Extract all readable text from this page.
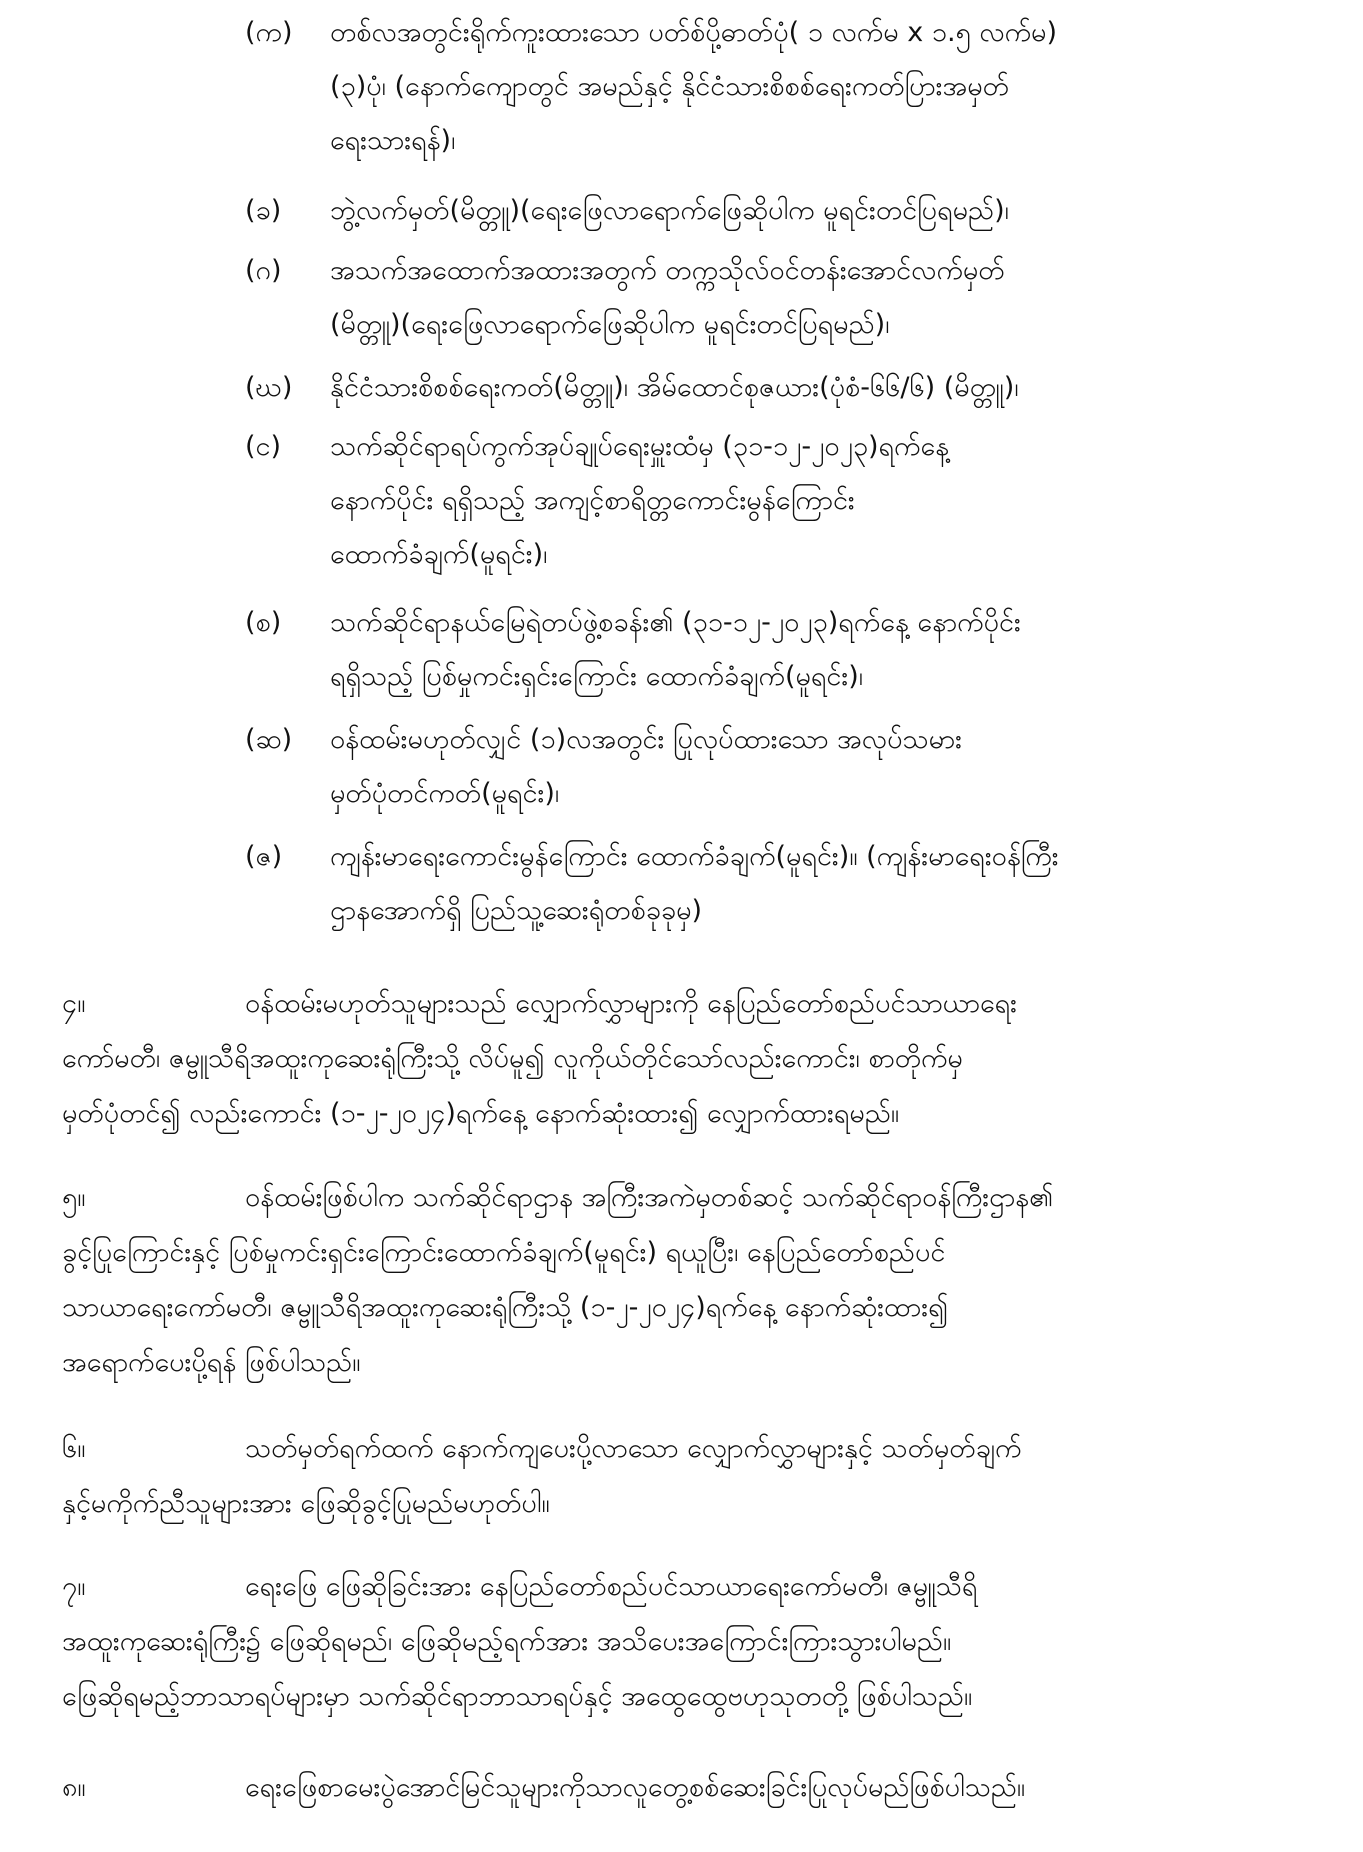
(က)	တစ်လအတွင်းရိုက်ကူးထားသော ပတ်စ်ပို့ဓာတ်ပုံ( ၁ လက်မ x ၁.၅ လက်မ)
(၃)ပုံ၊ (နောက်ကျောတွင် အမည်နှင့် နိုင်ငံသားစိစစ်ရေးကတ်ပြားအမှတ်
ရေးသားရန်)၊
(ခ)	ဘွဲ့လက်မှတ်(မိတ္တူ)(ရေးဖြေလာရောက်ဖြေဆိုပါက မူရင်းတင်ပြရမည်)၊
(ဂ)	အသက်အထောက်အထားအတွက် တက္ကသိုလ်ဝင်တန်းအောင်လက်မှတ်
(မိတ္တူ)(ရေးဖြေလာရောက်ဖြေဆိုပါက မူရင်းတင်ပြရမည်)၊
(ဃ)	နိုင်ငံသားစိစစ်ရေးကတ်(မိတ္တူ)၊ အိမ်ထောင်စုဇယား(ပုံစံ-၆၆/၆) (မိတ္တူ)၊
(င)	သက်ဆိုင်ရာရပ်ကွက်အုပ်ချုပ်ရေးမှူးထံမှ (၃၁-၁၂-၂၀၂၃)ရက်နေ့
နောက်ပိုင်း ရရှိသည့် အကျင့်စာရိတ္တကောင်းမွန်ကြောင်း
ထောက်ခံချက်(မူရင်း)၊
(စ)	သက်ဆိုင်ရာနယ်မြေရဲတပ်ဖွဲ့စခန်း၏ (၃၁-၁၂-၂၀၂၃)ရက်နေ့ နောက်ပိုင်း
ရရှိသည့် ပြစ်မှုကင်းရှင်းကြောင်း ထောက်ခံချက်(မူရင်း)၊
(ဆ)	ဝန်ထမ်းမဟုတ်လျှင် (၁)လအတွင်း ပြုလုပ်ထားသော အလုပ်သမား
မှတ်ပုံတင်ကတ်(မူရင်း)၊
(ဇ)	ကျန်းမာရေးကောင်းမွန်ကြောင်း ထောက်ခံချက်(မူရင်း)။ (ကျန်းမာရေးဝန်ကြီး
ဌာနအောက်ရှိ ပြည်သူ့ဆေးရုံတစ်ခုခုမှ)
၄။	ဝန်ထမ်းမဟုတ်သူများသည် လျှောက်လွှာများကို နေပြည်တော်စည်ပင်သာယာရေး
ကော်မတီ၊ ဇမ္ဗူသီရိအထူးကုဆေးရုံကြီးသို့ လိပ်မူ၍ လူကိုယ်တိုင်သော်လည်းကောင်း၊ စာတိုက်မှ
မှတ်ပုံတင်၍ လည်းကောင်း (၁-၂-၂၀၂၄)ရက်နေ့ နောက်ဆုံးထား၍ လျှောက်ထားရမည်။
၅။	ဝန်ထမ်းဖြစ်ပါက သက်ဆိုင်ရာဌာန အကြီးအကဲမှတစ်ဆင့် သက်ဆိုင်ရာဝန်ကြီးဌာန၏
ခွင့်ပြုကြောင်းနှင့် ပြစ်မှုကင်းရှင်းကြောင်းထောက်ခံချက်(မူရင်း) ရယူပြီး၊ နေပြည်တော်စည်ပင်
သာယာရေးကော်မတီ၊ ဇမ္ဗူသီရိအထူးကုဆေးရုံကြီးသို့ (၁-၂-၂၀၂၄)ရက်နေ့ နောက်ဆုံးထား၍
အရောက်ပေးပို့ရန် ဖြစ်ပါသည်။
၆။	သတ်မှတ်ရက်ထက် နောက်ကျပေးပို့လာသော လျှောက်လွှာများနှင့် သတ်မှတ်ချက်
နှင့်မကိုက်ညီသူများအား ဖြေဆိုခွင့်ပြုမည်မဟုတ်ပါ။
၇။	ရေးဖြေ ဖြေဆိုခြင်းအား နေပြည်တော်စည်ပင်သာယာရေးကော်မတီ၊ ဇမ္ဗူသီရိ
အထူးကုဆေးရုံကြီး၌ ဖြေဆိုရမည်၊ ဖြေဆိုမည့်ရက်အား အသိပေးအကြောင်းကြားသွားပါမည်။
ဖြေဆိုရမည့်ဘာသာရပ်များမှာ သက်ဆိုင်ရာဘာသာရပ်နှင့် အထွေထွေဗဟုသုတတို့ ဖြစ်ပါသည်။
၈။	ရေးဖြေစာမေးပွဲအောင်မြင်သူများကိုသာလူတွေ့စစ်ဆေးခြင်းပြုလုပ်မည်ဖြစ်ပါသည်။
